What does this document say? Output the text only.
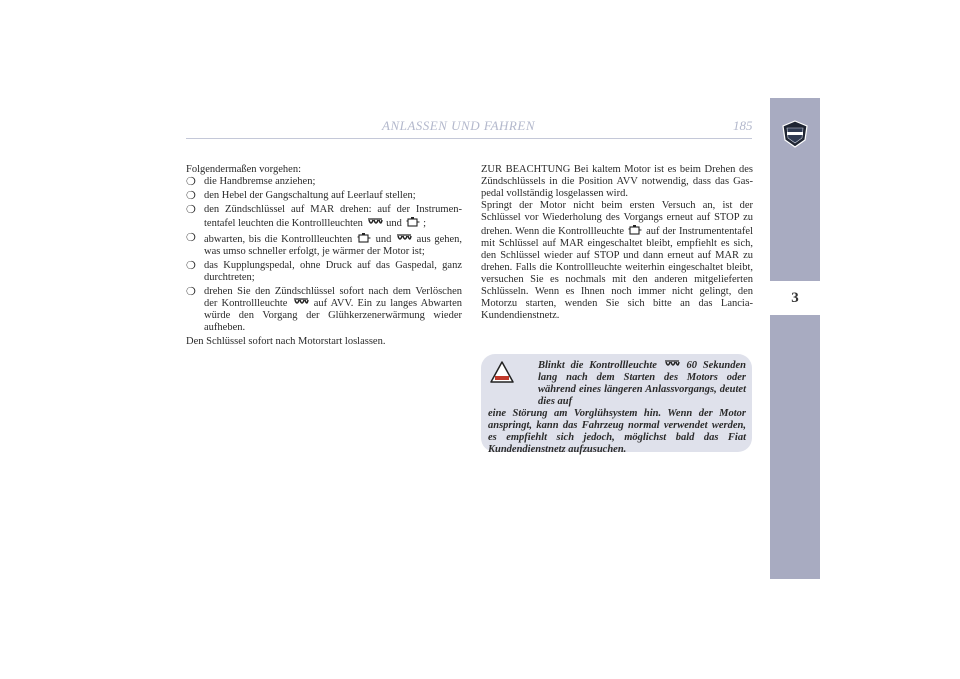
ANLASSEN UND FAHREN	185
3

Folgendermaßen vorgehen:

❍ die Handbremse anziehen;
❍ den Hebel der Gangschaltung auf Leerlauf stellen;
❍ den Zündschlüssel auf MAR drehen: auf der Instrumententafel leuchten die Kontrollleuchten und ;
❍ abwarten, bis die Kontrollleuchten und aus gehen, was umso schneller erfolgt, je wärmer der Motor ist;
❍ das Kupplungspedal, ohne Druck auf das Gaspedal, ganz durchtreten;
❍ drehen Sie den Zündschlüssel sofort nach dem Verlöschen der Kontrollleuchte	auf AVV. Ein zu langes Abwarten würde den Vorgang der Glühkerzenerwärmung wieder aufheben.

Den Schlüssel sofort nach Motorstart loslassen.

ZUR BEACHTUNG Bei kaltem Motor ist es beim Drehen des Zündschlüssels in die Position AVV notwendig, dass das Gaspedal vollständig losgelassen wird.

Springt der Motor nicht beim ersten Versuch an, ist der Schlüssel vor Wiederholung des Vorgangs erneut auf STOP zu drehen. Wenn die Kontrollleuchte auf der Instrumententafel mit Schlüssel auf MAR eingeschaltet bleibt, empfiehlt es sich, den Schlüssel wieder auf STOP und dann erneut auf MAR zu drehen. Falls die Kontrollleuchte weiterhin eingeschaltet bleibt, versuchen Sie es nochmals mit den anderen mitgelieferten Schlüsseln. Wenn es Ihnen noch immer nicht gelingt, den Motorzu starten, wenden Sie sich bitte an das Lancia-Kundendienstnetz.

Blinkt die Kontrollleuchte	60 Sekunden lang nach dem Starten des Motors oder während eines längeren Anlassvorgangs, deutet dies auf
eine Störung am Vorglühsystem hin. Wenn der Motor anspringt, kann das Fahrzeug normal verwendet werden, es empfiehlt sich jedoch, möglichst bald das Fiat Kundendienstnetz aufzusuchen.
